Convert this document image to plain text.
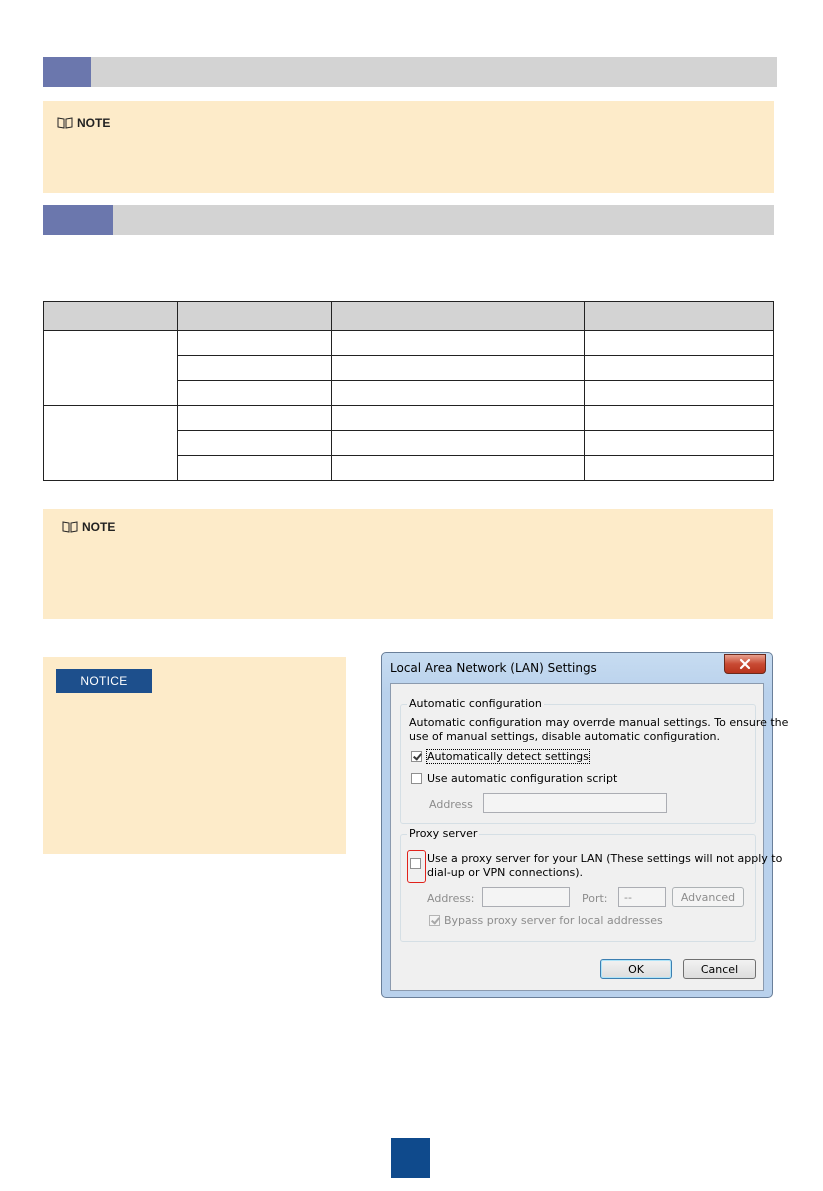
NOTE

NOTE
NOTICE
Local Area Network (LAN) Settings
Automatic configuration
Automatic configuration may overrde manual settings. To ensure the
use of manual settings, disable automatic configuration.
Automatically detect settings
Use automatic configuration script
Address
Proxy server
Use a proxy server for your LAN (These settings will not apply to
dial-up or VPN connections).
Address:	Port: --	Advanced
Bypass proxy server for local addresses
OK	Cancel
